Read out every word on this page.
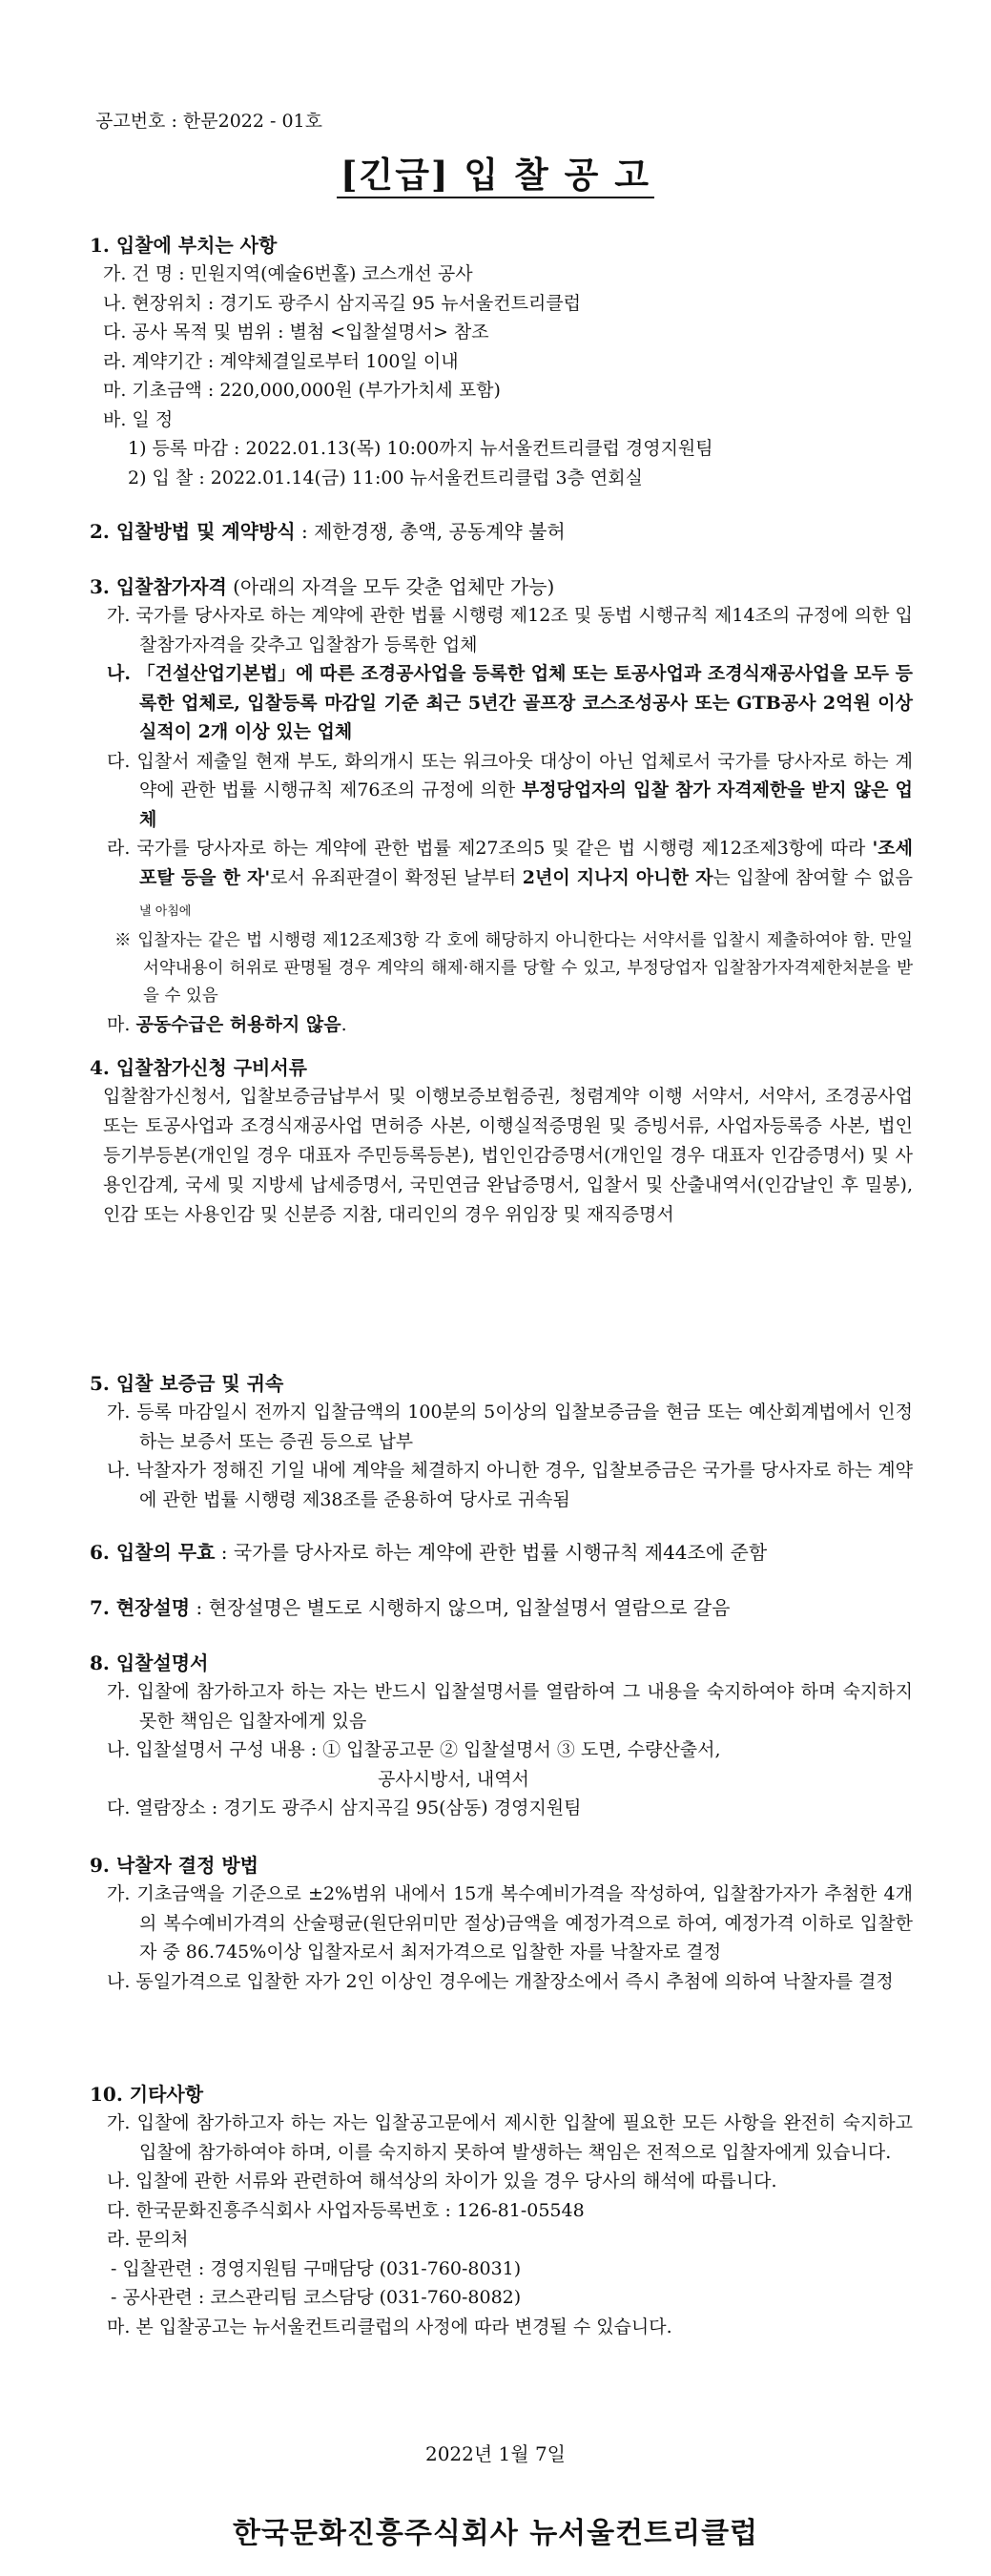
공고번호 : 한문2022 - 01호
[긴급] 입 찰 공 고

1. 입찰에 부치는 사항

가. 건 명 : 민원지역(예술6번홀) 코스개선 공사

나. 현장위치 : 경기도 광주시 삼지곡길 95 뉴서울컨트리클럽

다. 공사 목적 및 범위 : 별첨 <입찰설명서> 참조

라. 계약기간 : 계약체결일로부터 100일 이내

마. 기초금액 : 220,000,000원 (부가가치세 포함)

바. 일 정

1) 등록 마감 : 2022.01.13(목) 10:00까지 뉴서울컨트리클럽 경영지원팀

2) 입 찰 : 2022.01.14(금) 11:00 뉴서울컨트리클럽 3층 연회실

2. 입찰방법 및 계약방식 : 제한경쟁, 총액, 공동계약 불허

3. 입찰참가자격 (아래의 자격을 모두 갖춘 업체만 가능)

가. 국가를 당사자로 하는 계약에 관한 법률 시행령 제12조 및 동법 시행규칙 제14조의 규정에 의한 입찰참가자격을 갖추고 입찰참가 등록한 업체

나. 「건설산업기본법」에 따른 조경공사업을 등록한 업체 또는 토공사업과 조경식재공사업을 모두 등록한 업체로, 입찰등록 마감일 기준 최근 5년간 골프장 코스조성공사 또는 GTB공사 2억원 이상 실적이 2개 이상 있는 업체

다. 입찰서 제출일 현재 부도, 화의개시 또는 워크아웃 대상이 아닌 업체로서 국가를 당사자로 하는 계약에 관한 법률 시행규칙 제76조의 규정에 의한 부정당업자의 입찰 참가 자격제한을 받지 않은 업체

라. 국가를 당사자로 하는 계약에 관한 법률 제27조의5 및 같은 법 시행령 제12조제3항에 따라 '조세포탈 등을 한 자'로서 유죄판결이 확정된 날부터 2년이 지나지 아니한 자는 입찰에 참여할 수 없음 낼 아침에

※ 입찰자는 같은 법 시행령 제12조제3항 각 호에 해당하지 아니한다는 서약서를 입찰시 제출하여야 함. 만일 서약내용이 허위로 판명될 경우 계약의 해제·해지를 당할 수 있고, 부정당업자 입찰참가자격제한처분을 받을 수 있음

마. 공동수급은 허용하지 않음.

4. 입찰참가신청 구비서류

입찰참가신청서, 입찰보증금납부서 및 이행보증보험증권, 청렴계약 이행 서약서, 서약서, 조경공사업 또는 토공사업과 조경식재공사업 면허증 사본, 이행실적증명원 및 증빙서류, 사업자등록증 사본, 법인등기부등본(개인일 경우 대표자 주민등록등본), 법인인감증명서(개인일 경우 대표자 인감증명서) 및 사용인감계, 국세 및 지방세 납세증명서, 국민연금 완납증명서, 입찰서 및 산출내역서(인감날인 후 밀봉), 인감 또는 사용인감 및 신분증 지참, 대리인의 경우 위임장 및 재직증명서

5. 입찰 보증금 및 귀속

가. 등록 마감일시 전까지 입찰금액의 100분의 5이상의 입찰보증금을 현금 또는 예산회계법에서 인정하는 보증서 또는 증권 등으로 납부

나. 낙찰자가 정해진 기일 내에 계약을 체결하지 아니한 경우, 입찰보증금은 국가를 당사자로 하는 계약에 관한 법률 시행령 제38조를 준용하여 당사로 귀속됨

6. 입찰의 무효 : 국가를 당사자로 하는 계약에 관한 법률 시행규칙 제44조에 준함

7. 현장설명 : 현장설명은 별도로 시행하지 않으며, 입찰설명서 열람으로 갈음

8. 입찰설명서

가. 입찰에 참가하고자 하는 자는 반드시 입찰설명서를 열람하여 그 내용을 숙지하여야 하며 숙지하지 못한 책임은 입찰자에게 있음

나. 입찰설명서 구성 내용 : ① 입찰공고문 ② 입찰설명서 ③ 도면, 수량산출서,

공사시방서, 내역서

다. 열람장소 : 경기도 광주시 삼지곡길 95(삼동) 경영지원팀

9. 낙찰자 결정 방법

가. 기초금액을 기준으로 ±2%범위 내에서 15개 복수예비가격을 작성하여, 입찰참가자가 추첨한 4개의 복수예비가격의 산술평균(원단위미만 절상)금액을 예정가격으로 하여, 예정가격 이하로 입찰한 자 중 86.745%이상 입찰자로서 최저가격으로 입찰한 자를 낙찰자로 결정

나. 동일가격으로 입찰한 자가 2인 이상인 경우에는 개찰장소에서 즉시 추첨에 의하여 낙찰자를 결정

10. 기타사항

가. 입찰에 참가하고자 하는 자는 입찰공고문에서 제시한 입찰에 필요한 모든 사항을 완전히 숙지하고 입찰에 참가하여야 하며, 이를 숙지하지 못하여 발생하는 책임은 전적으로 입찰자에게 있습니다.

나. 입찰에 관한 서류와 관련하여 해석상의 차이가 있을 경우 당사의 해석에 따릅니다.

다. 한국문화진흥주식회사 사업자등록번호 : 126-81-05548

라. 문의처

- 입찰관련 : 경영지원팀 구매담당 (031-760-8031)

- 공사관련 : 코스관리팀 코스담당 (031-760-8082)

마. 본 입찰공고는 뉴서울컨트리클럽의 사정에 따라 변경될 수 있습니다.

2022년 1월 7일
한국문화진흥주식회사 뉴서울컨트리클럽
